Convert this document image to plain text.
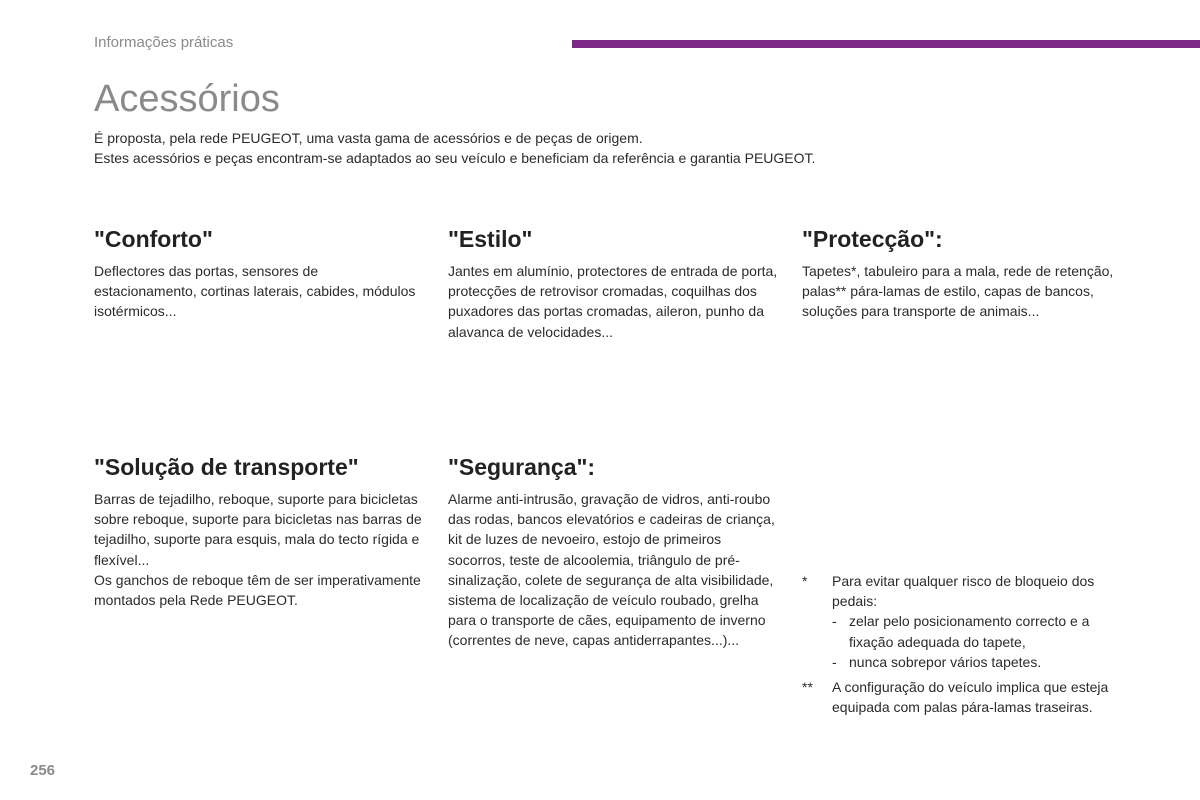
Informações práticas
Acessórios

É proposta, pela rede PEUGEOT, uma vasta gama de acessórios e de peças de origem.

Estes acessórios e peças encontram-se adaptados ao seu veículo e beneficiam da referência e garantia PEUGEOT.

"Conforto"

Deflectores das portas, sensores de estacionamento, cortinas laterais, cabides, módulos isotérmicos...

"Estilo"

Jantes em alumínio, protectores de entrada de porta, protecções de retrovisor cromadas, coquilhas dos puxadores das portas cromadas, aileron, punho da alavanca de velocidades...

"Protecção":

Tapetes*, tabuleiro para a mala, rede de retenção, palas** pára-lamas de estilo, capas de bancos, soluções para transporte de animais...

"Solução de transporte"

Barras de tejadilho, reboque, suporte para bicicletas sobre reboque, suporte para bicicletas nas barras de tejadilho, suporte para esquis, mala do tecto rígida e flexível...

Os ganchos de reboque têm de ser imperativamente montados pela Rede PEUGEOT.

"Segurança":

Alarme anti-intrusão, gravação de vidros, anti-roubo das rodas, bancos elevatórios e cadeiras de criança, kit de luzes de nevoeiro, estojo de primeiros socorros, teste de alcoolemia, triângulo de pré-sinalização, colete de segurança de alta visibilidade, sistema de localização de veículo roubado, grelha para o transporte de cães, equipamento de inverno (correntes de neve, capas antiderrapantes...)...

*	Para evitar qualquer risco de bloqueio dos pedais:
- zelar pelo posicionamento correcto e a fixação adequada do tapete,
- nunca sobrepor vários tapetes.
**	A configuração do veículo implica que esteja equipada com palas pára-lamas traseiras.
256
